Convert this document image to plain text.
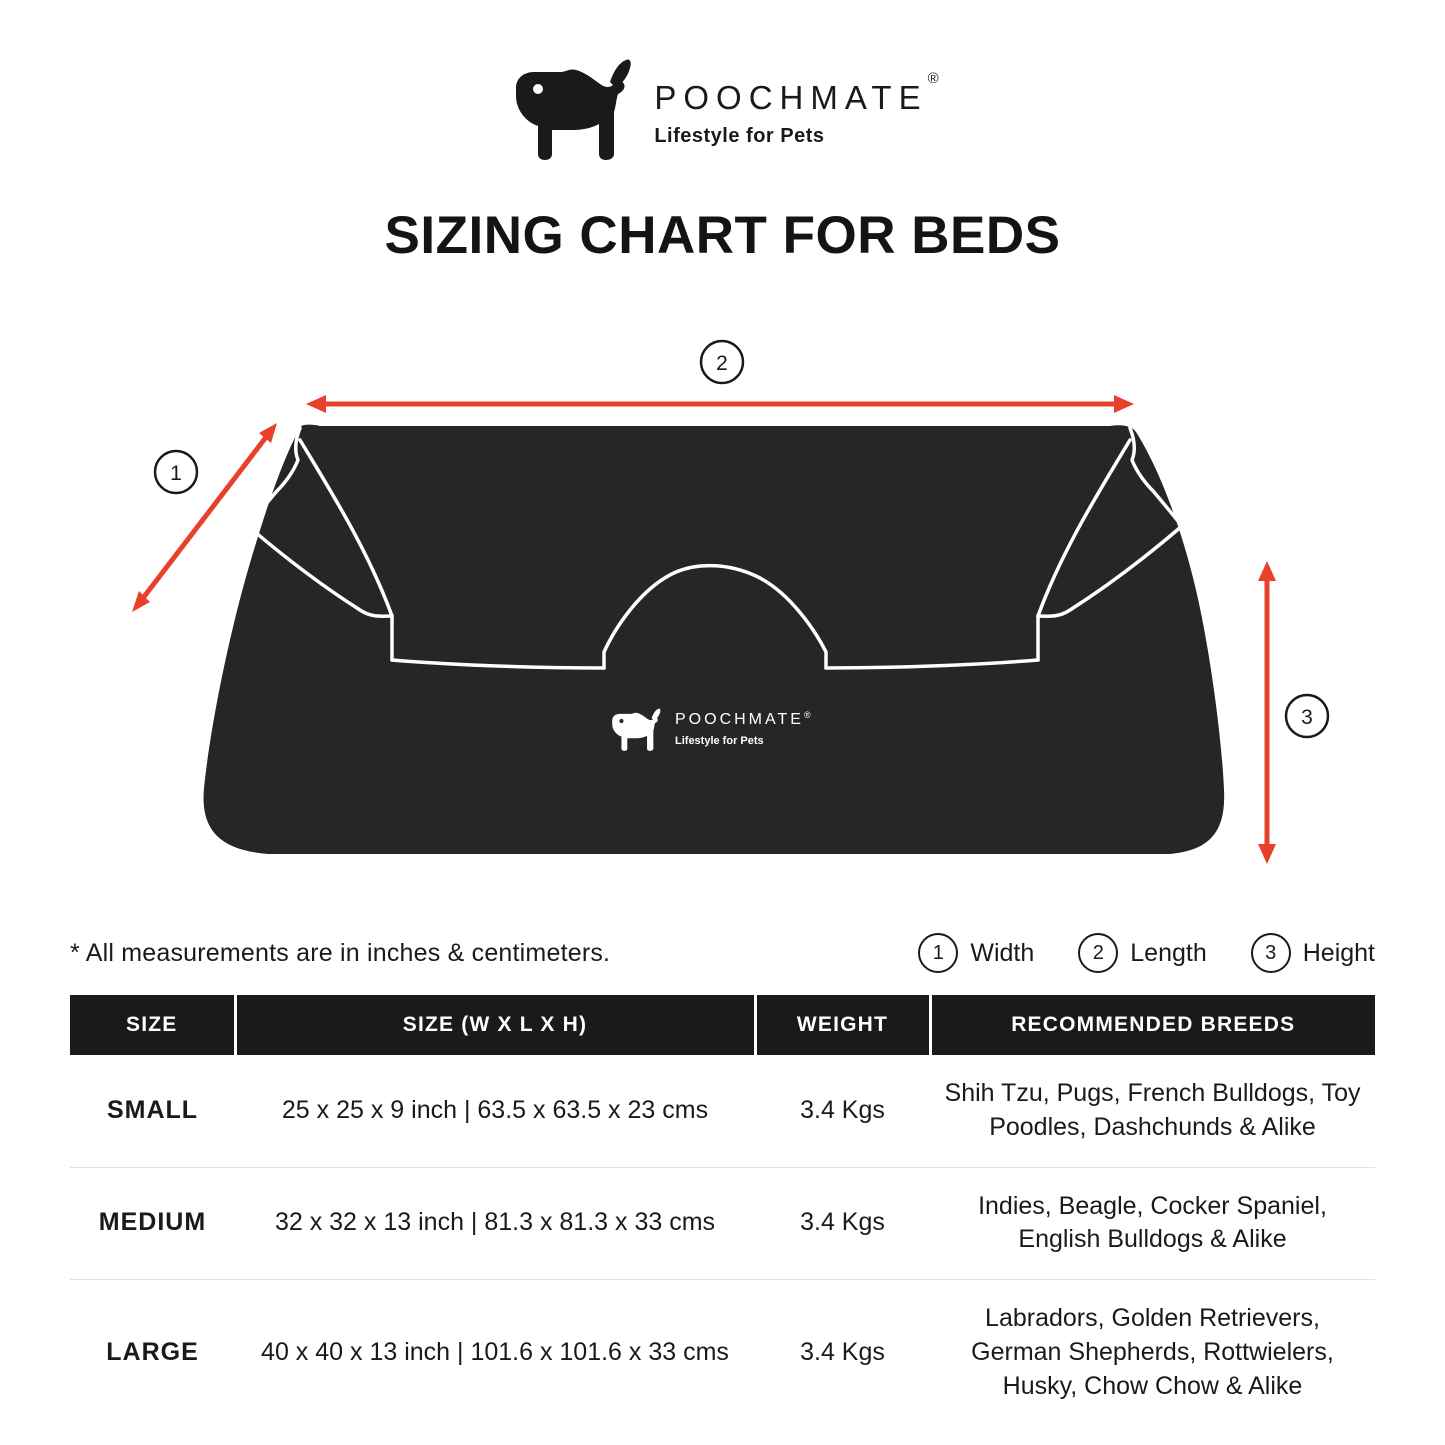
POOCHMATE®
Lifestyle for Pets
SIZING CHART FOR BEDS
2
1
3
POOCHMATE®
Lifestyle for Pets
* All measurements are in inches & centimeters.	1	Width	2	Length	3	Height
SIZE	SIZE (W X L X H)	WEIGHT	RECOMMENDED BREEDS
SMALL	25 x 25 x 9 inch | 63.5 x 63.5 x 23 cms	3.4 Kgs	Shih Tzu, Pugs, French Bulldogs, Toy Poodles, Dashchunds & Alike
MEDIUM	32 x 32 x 13 inch | 81.3 x 81.3 x 33 cms	3.4 Kgs	Indies, Beagle, Cocker Spaniel, English Bulldogs & Alike
LARGE	40 x 40 x 13 inch | 101.6 x 101.6 x 33 cms	3.4 Kgs	Labradors, Golden Retrievers, German Shepherds, Rottwielers, Husky, Chow Chow & Alike
